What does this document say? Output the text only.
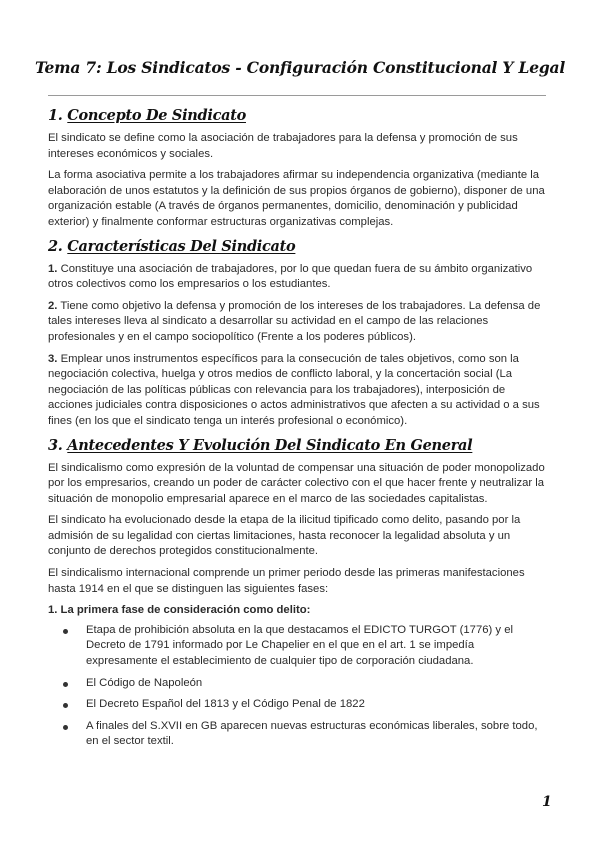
Tema 7: Los Sindicatos - Configuración Constitucional Y Legal
1. Concepto De Sindicato

El sindicato se define como la asociación de trabajadores para la defensa y promoción de sus intereses económicos y sociales.

La forma asociativa permite a los trabajadores afirmar su independencia organizativa (mediante la elaboración de unos estatutos y la definición de sus propios órganos de gobierno), disponer de una organización estable (A través de órganos permanentes, domicilio, denominación y publicidad exterior) y finalmente conformar estructuras organizativas complejas.

2. Características Del Sindicato

1. Constituye una asociación de trabajadores, por lo que quedan fuera de su ámbito organizativo otros colectivos como los empresarios o los estudiantes.

2. Tiene como objetivo la defensa y promoción de los intereses de los trabajadores. La defensa de tales intereses lleva al sindicato a desarrollar su actividad en el campo de las relaciones profesionales y en el campo sociopolítico (Frente a los poderes públicos).

3. Emplear unos instrumentos específicos para la consecución de tales objetivos, como son la negociación colectiva, huelga y otros medios de conflicto laboral, y la concertación social (La negociación de las políticas públicas con relevancia para los trabajadores), interposición de acciones judiciales contra disposiciones o actos administrativos que afecten a su actividad o a sus fines (en los que el sindicato tenga un interés profesional o económico).

3. Antecedentes Y Evolución Del Sindicato En General

El sindicalismo como expresión de la voluntad de compensar una situación de poder monopolizado por los empresarios, creando un poder de carácter colectivo con el que hacer frente y neutralizar la situación de monopolio empresarial aparece en el marco de las sociedades capitalistas.

El sindicato ha evolucionado desde la etapa de la ilicitud tipificado como delito, pasando por la admisión de su legalidad con ciertas limitaciones, hasta reconocer la legalidad absoluta y un conjunto de derechos protegidos constitucionalmente.

El sindicalismo internacional comprende un primer periodo desde las primeras manifestaciones hasta 1914 en el que se distinguen las siguientes fases:

1. La primera fase de consideración como delito:

Etapa de prohibición absoluta en la que destacamos el EDICTO TURGOT (1776) y el Decreto de 1791 informado por Le Chapelier en el que en el art. 1 se impedía expresamente el establecimiento de cualquier tipo de corporación ciudadana.
El Código de Napoleón
El Decreto Español del 1813 y el Código Penal de 1822
A finales del S.XVII en GB aparecen nuevas estructuras económicas liberales, sobre todo, en el sector textil.
1
